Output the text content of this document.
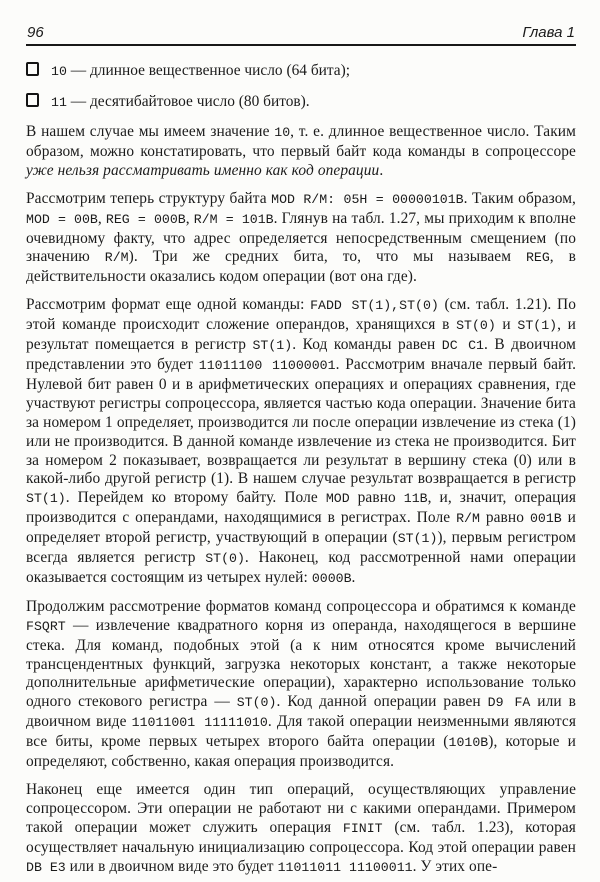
96	Глава 1
10 — длинное вещественное число (64 бита);
11 — десятибайтовое число (80 битов).

В нашем случае мы имеем значение 10, т. е. длинное вещественное число. Таким образом, можно констатировать, что первый байт кода команды в сопроцессоре уже нельзя рассматривать именно как код операции.

Рассмотрим теперь структуру байта MOD R/M: 05H = 00000101B. Таким образом, MOD = 00B, REG = 000B, R/M = 101B. Глянув на табл. 1.27, мы приходим к вполне очевидному факту, что адрес определяется непосредственным смещением (по значению R/M). Три же средних бита, то, что мы называем REG, в действительности оказались кодом операции (вот она где).

Рассмотрим формат еще одной команды: FADD ST(1),ST(0) (см. табл. 1.21). По этой команде происходит сложение операндов, хранящихся в ST(0) и ST(1), и результат помещается в регистр ST(1). Код команды равен DC C1. В двоичном представлении это будет 11011100 11000001. Рассмотрим вначале первый байт. Нулевой бит равен 0 и в арифметических операциях и операциях сравнения, где участвуют регистры сопроцессора, является частью кода операции. Значение бита за номером 1 определяет, производится ли после операции извлечение из стека (1) или не производится. В данной команде извлечение из стека не производится. Бит за номером 2 показывает, возвращается ли результат в вершину стека (0) или в какой-либо другой регистр (1). В нашем случае результат возвращается в регистр ST(1). Перейдем ко второму байту. Поле MOD равно 11B, и, значит, операция производится с операндами, находящимися в регистрах. Поле R/M равно 001B и определяет второй регистр, участвующий в операции (ST(1)), первым регистром всегда является регистр ST(0). Наконец, код рассмотренной нами операции оказывается состоящим из четырех нулей: 0000B.

Продолжим рассмотрение форматов команд сопроцессора и обратимся к команде FSQRT — извлечение квадратного корня из операнда, находящегося в вершине стека. Для команд, подобных этой (а к ним относятся кроме вычислений трансцендентных функций, загрузка некоторых констант, а также некоторые дополнительные арифметические операции), характерно использование только одного стекового регистра — ST(0). Код данной операции равен D9 FA или в двоичном виде 11011001 11111010. Для такой операции неизменными являются все биты, кроме первых четырех второго байта операции (1010B), которые и определяют, собственно, какая операция производится.

Наконец еще имеется один тип операций, осуществляющих управление сопроцессором. Эти операции не работают ни с какими операндами. Примером такой операции может служить операция FINIT (см. табл. 1.23), которая осуществляет начальную инициализацию сопроцессора. Код этой операции равен DB E3 или в двоичном виде это будет 11011011 11100011. У этих опе-
